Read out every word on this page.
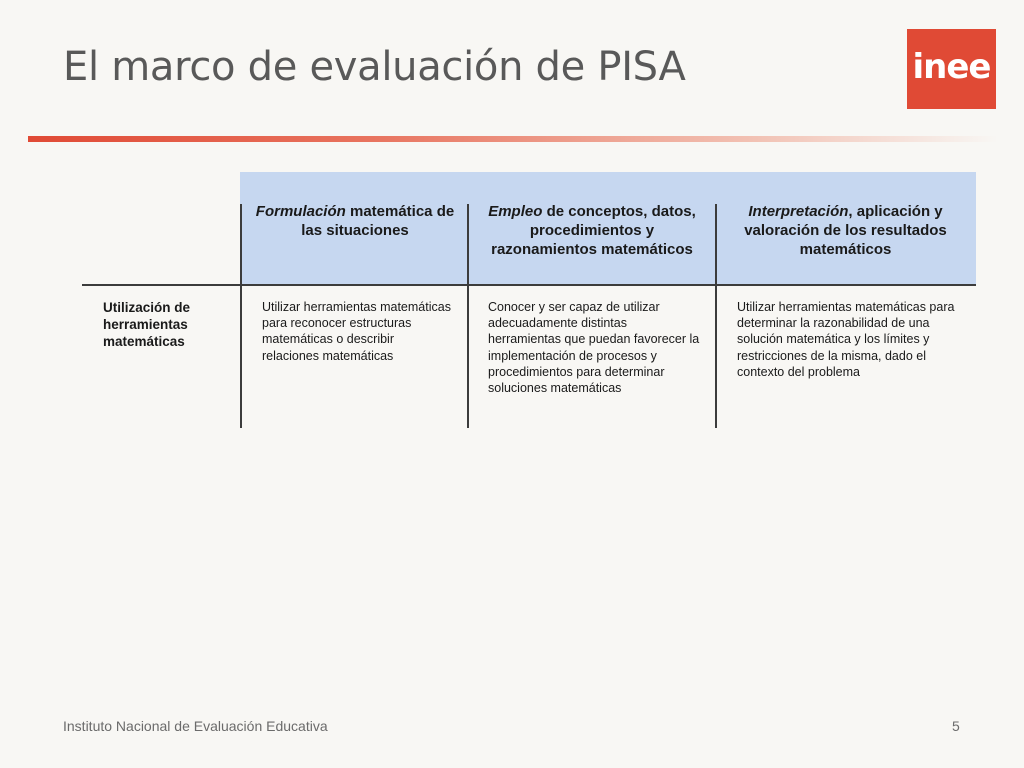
El marco de evaluación de PISA	inee
Formulación matemática de las situaciones
Empleo de conceptos, datos, procedimientos y razonamientos matemáticos
Interpretación, aplicación y valoración de los resultados matemáticos
Utilización de herramientas matemáticas
Utilizar herramientas matemáticas para reconocer estructuras matemáticas o describir relaciones matemáticas
Conocer y ser capaz de utilizar adecuadamente distintas herramientas que puedan favorecer la implementación de procesos y procedimientos para determinar soluciones matemáticas
Utilizar herramientas matemáticas para determinar la razonabilidad de una solución matemática y los límites y restricciones de la misma, dado el contexto del problema
Instituto Nacional de Evaluación Educativa	5
